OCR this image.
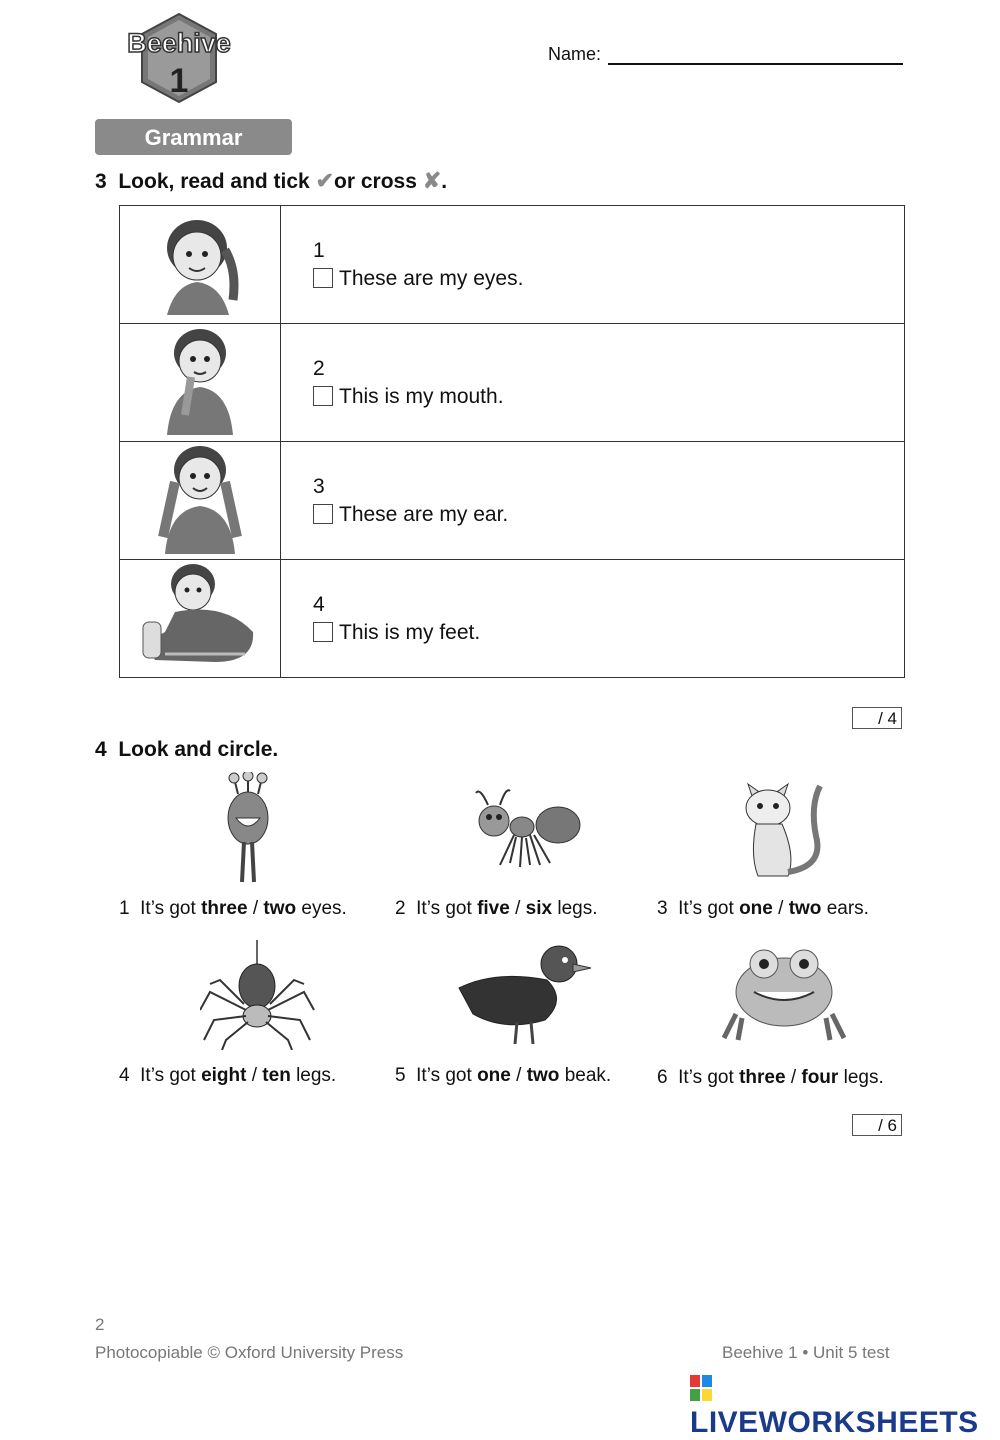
Beehive
1
Name:
Grammar
3 Look, read and tick ✔or cross ✘.

1
These are my eyes.

2
This is my mouth.

3
These are my ear.

4
This is my feet.
/ 4
4 Look and circle.
1 It’s got three / two eyes.	2 It’s got five / six legs.	3 It’s got one / two ears.
4 It’s got eight / ten legs.	5 It’s got one / two beak. 6 It’s got three / four legs.
/ 6
2
Photocopiable © Oxford University Press	Beehive 1 • Unit 5 test
LIVEWORKSHEETS
